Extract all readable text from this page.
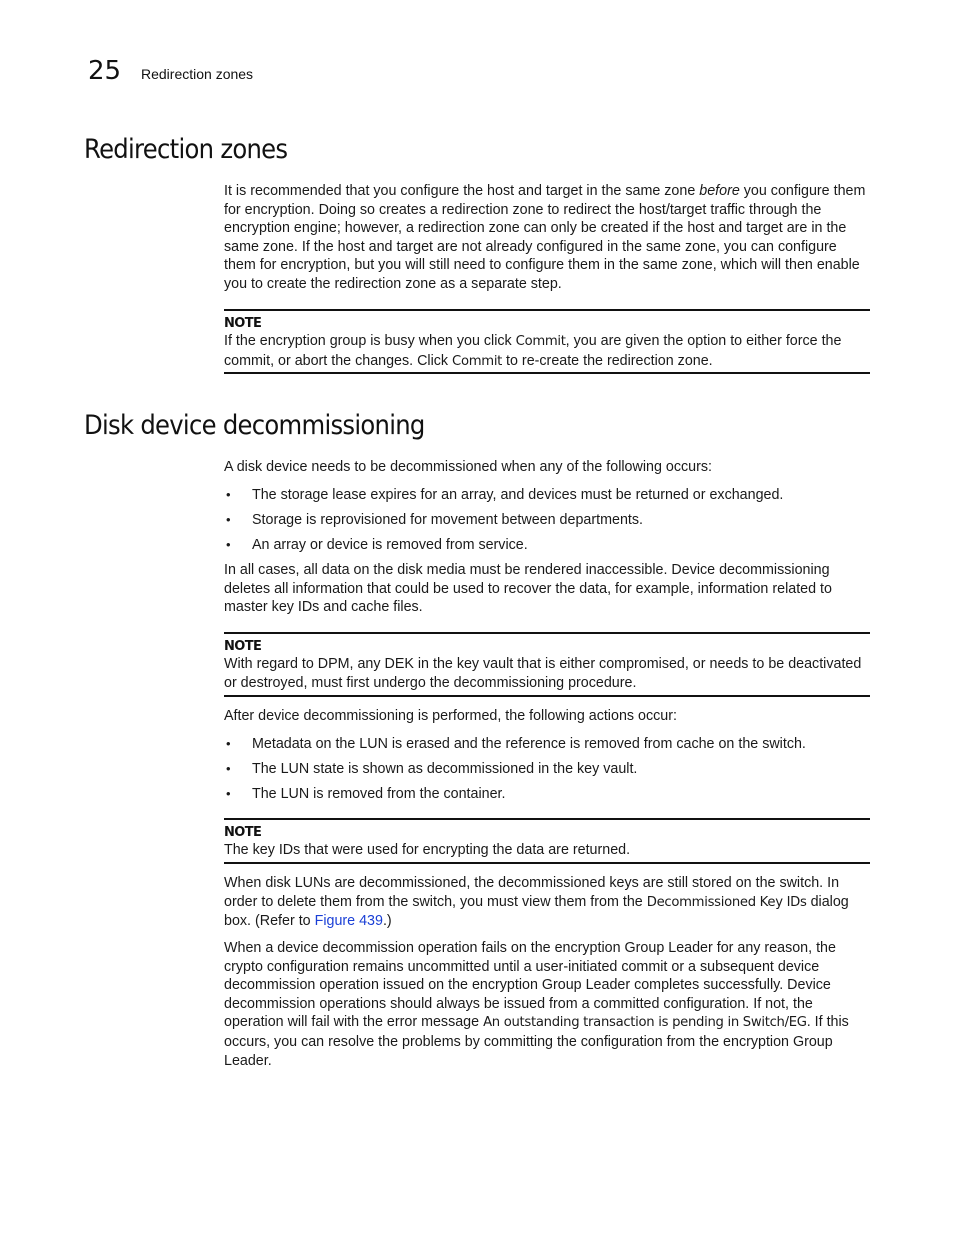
25 Redirection zones
Redirection zones

It is recommended that you configure the host and target in the same zone before you configure them for encryption. Doing so creates a redirection zone to redirect the host/target traffic through the encryption engine; however, a redirection zone can only be created if the host and target are in the same zone. If the host and target are not already configured in the same zone, you can configure them for encryption, but you will still need to configure them in the same zone, which will then enable you to create the redirection zone as a separate step.

NOTE

If the encryption group is busy when you click Commit, you are given the option to either force the commit, or abort the changes. Click Commit to re-create the redirection zone.

Disk device decommissioning

A disk device needs to be decommissioned when any of the following occurs:

• The storage lease expires for an array, and devices must be returned or exchanged.
• Storage is reprovisioned for movement between departments.
• An array or device is removed from service.

In all cases, all data on the disk media must be rendered inaccessible. Device decommissioning deletes all information that could be used to recover the data, for example, information related to master key IDs and cache files.

NOTE

With regard to DPM, any DEK in the key vault that is either compromised, or needs to be deactivated or destroyed, must first undergo the decommissioning procedure.

After device decommissioning is performed, the following actions occur:

• Metadata on the LUN is erased and the reference is removed from cache on the switch.
• The LUN state is shown as decommissioned in the key vault.
• The LUN is removed from the container.
NOTE

The key IDs that were used for encrypting the data are returned.

When disk LUNs are decommissioned, the decommissioned keys are still stored on the switch. In order to delete them from the switch, you must view them from the Decommissioned Key IDs dialog box. (Refer to Figure 439.)

When a device decommission operation fails on the encryption Group Leader for any reason, the crypto configuration remains uncommitted until a user-initiated commit or a subsequent device decommission operation issued on the encryption Group Leader completes successfully. Device decommission operations should always be issued from a committed configuration. If not, the operation will fail with the error message An outstanding transaction is pending in Switch/EG. If this occurs, you can resolve the problems by committing the configuration from the encryption Group Leader.
